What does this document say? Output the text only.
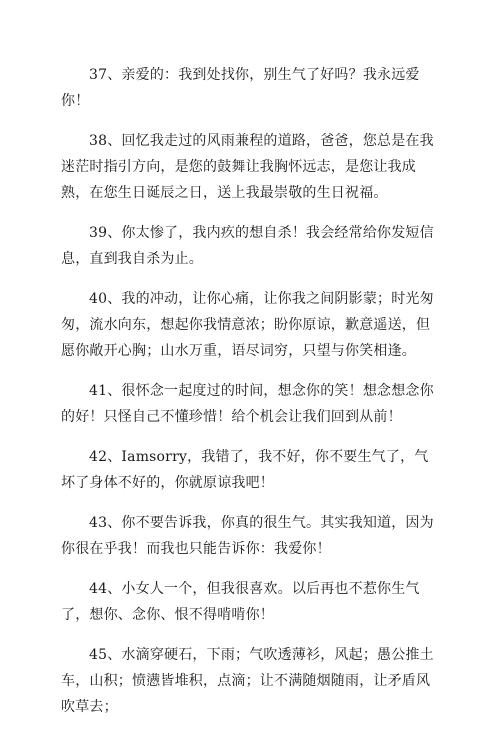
37、亲爱的：我到处找你，别生气了好吗？我永远爱你！

38、回忆我走过的风雨兼程的道路，爸爸，您总是在我迷茫时指引方向，是您的鼓舞让我胸怀远志，是您让我成熟，在您生日诞辰之日，送上我最崇敬的生日祝福。

39、你太惨了，我内疚的想自杀！我会经常给你发短信息，直到我自杀为止。

40、我的冲动，让你心痛，让你我之间阴影蒙；时光匆匆，流水向东，想起你我情意浓；盼你原谅，歉意遥送，但愿你敞开心胸；山水万重，语尽词穷，只望与你笑相逢。

41、很怀念一起度过的时间，想念你的笑！想念想念你的好！只怪自己不懂珍惜！给个机会让我们回到从前！

42、Iamsorry，我错了，我不好，你不要生气了，气坏了身体不好的，你就原谅我吧！

43、你不要告诉我，你真的很生气。其实我知道，因为你很在乎我！而我也只能告诉你：我爱你！

44、小女人一个，但我很喜欢。以后再也不惹你生气了，想你、念你、恨不得啃啃你！

45、水滴穿硬石，下雨；气吹透薄衫，风起；愚公推土车，山积；愤懑皆堆积，点滴；让不满随烟随雨，让矛盾风吹草去；
